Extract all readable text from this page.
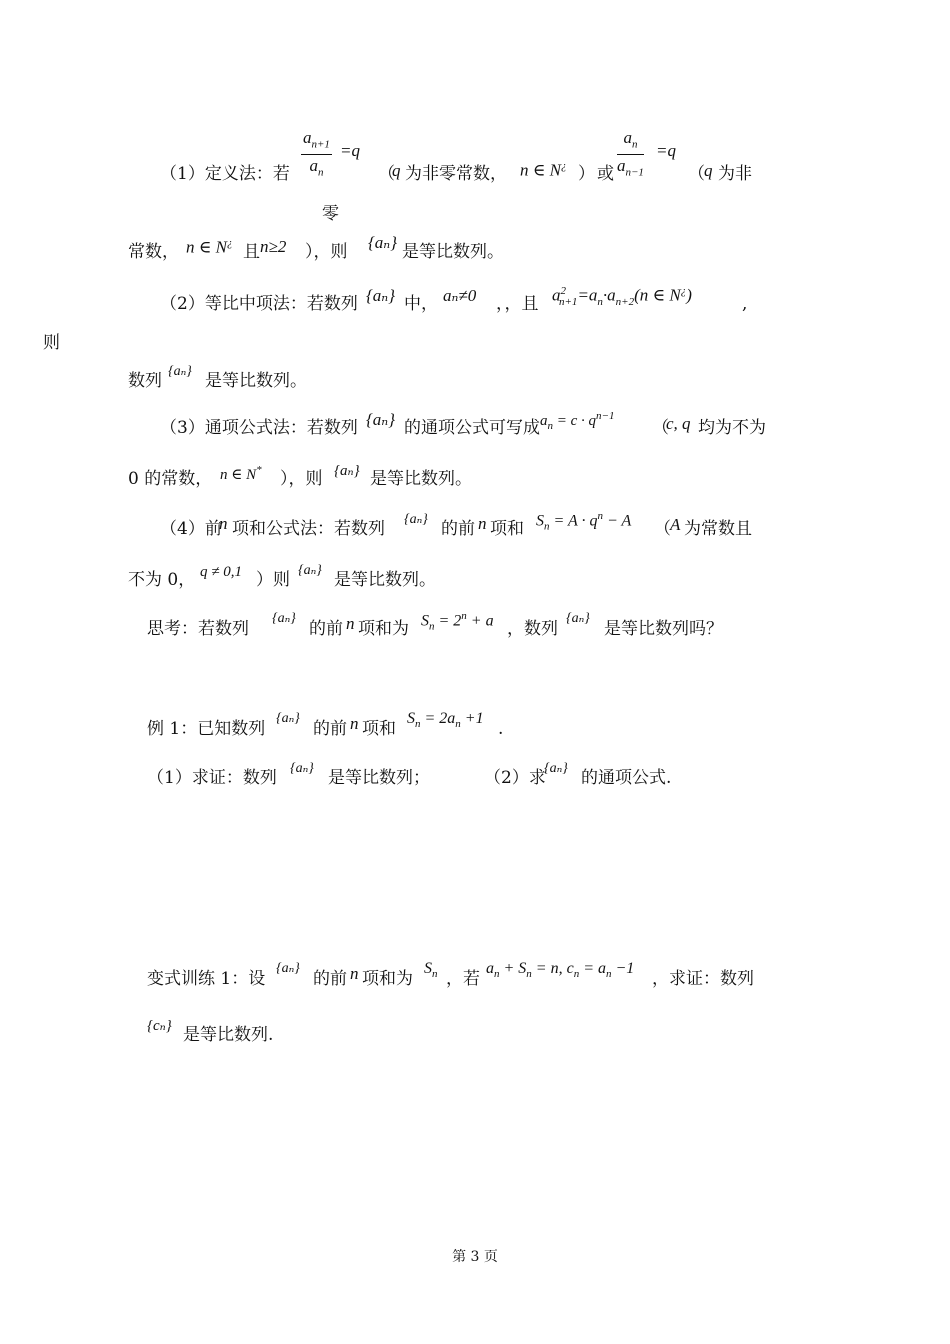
$\frac{a_{n+1}}{a_n} =q$
（1）定义法：若	（
q 为非零常数， n ∈ N¿ ） 或 $\frac{a_n}{a_{n-1}} =q$
（ q 为非
零
常数， n ∈ N¿ 且 n≥2 ），则 {aₙ} 是等比数列。
（2）等比中项法：若数列 {aₙ} 中， aₙ≠0 ，，且 $a^2_{n+1}=a_n\cdot a_{n+2}(n$ ∈ N¿)	,
则
数列 {aₙ} 是等比数列。
（3）通项公式法：若数列 {aₙ} 的通项公式可写成 $a_n = c \cdot q^{n-1}$
（
c, q 均为不为
0 的常数， n ∈ N* ），则 {aₙ} 是等比数列。
（4）前
n 项和公式法：若数列 {aₙ} 的前 n 项和 $S_n = A \cdot q^n - A$ （ A 为常数且
不为 0， q ≠ 0,1 ）则 {aₙ} 是等比数列。
思考：若数列
{aₙ}
的前 n 项和为 $S_n = 2^n + a$ ，数列
{aₙ}
是等比数列吗？
例 1：已知数列
{aₙ}
的前 n 项和
$S_n = 2a_n +1$
.
（1）求证：数列 {aₙ} 是等比数列；	（2）求
{aₙ} 的通项公式.
变式训练 1：设
{aₙ}
的前 n 项和为
$S_n$ ，若
$a_n + S_n = n$, $c_n = a_n -1$
，求证：数列
{cₙ} 是等比数列.
第 3 页
